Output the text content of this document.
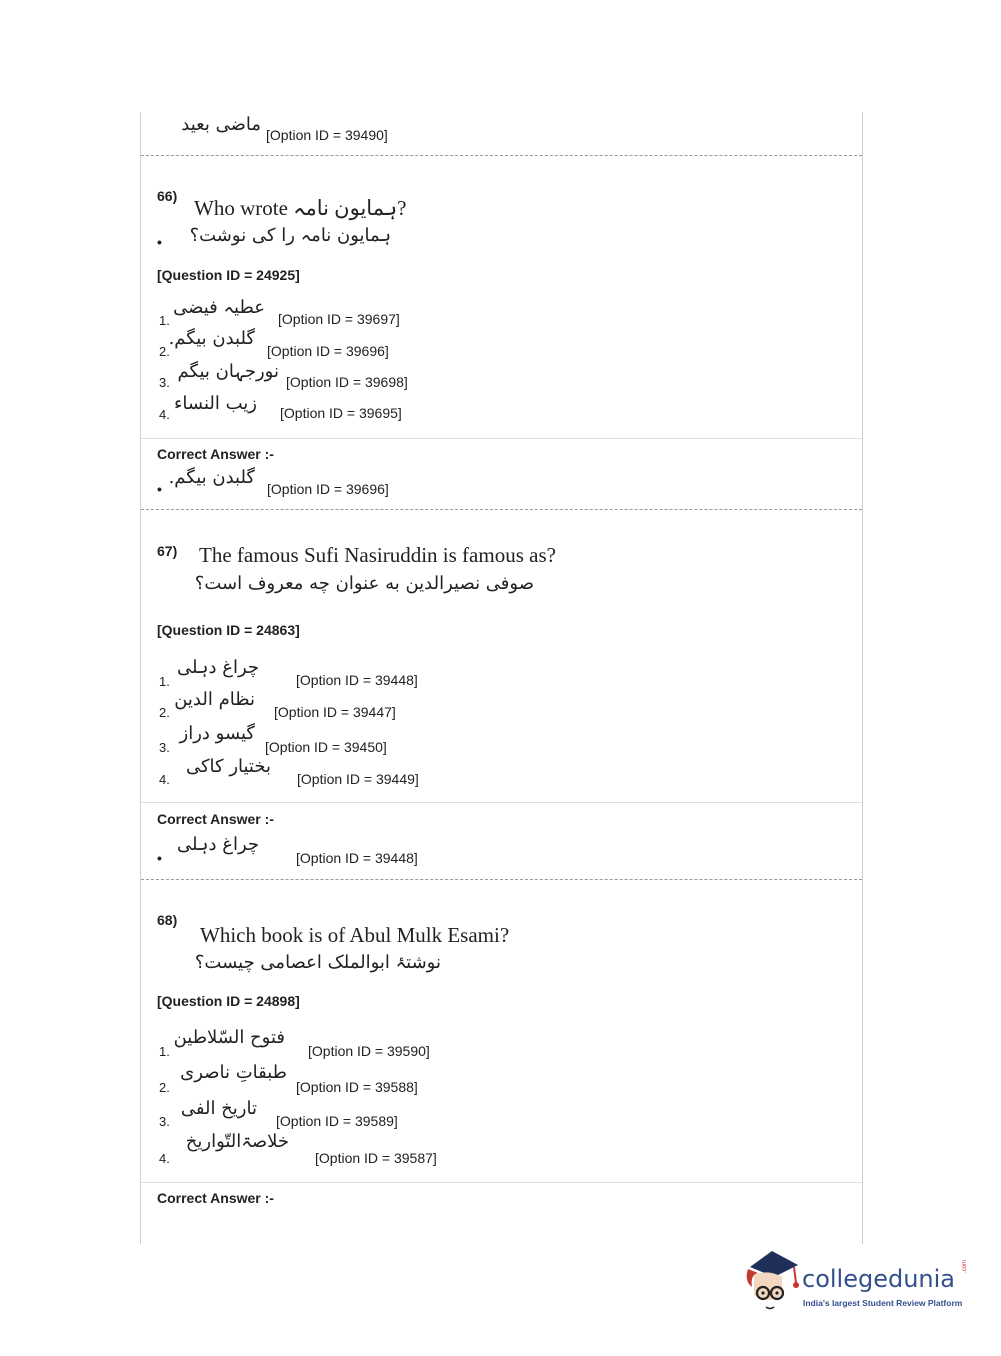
•
ماضی بعید [Option ID = 39490]
66) Who wrote ہمایون نامہ?
ہمایون نامہ را کی نوشت؟
[Question ID = 24925]
1.
عطیہ فیضی
[Option ID = 39697]
2.
گلبدن بیگم.
[Option ID = 39696]
3.
نورجہان بیگم [Option ID = 39698]
4.
زیب النساء [Option ID = 39695]
Correct Answer :-
•
گلبدن بیگم.
[Option ID = 39696]
67) The famous Sufi Nasiruddin is famous as?
صوفی نصیرالدین به عنوان چه معروف است؟
[Question ID = 24863]
1.
چراغ دہلی
[Option ID = 39448]
2.
نظام الدین
[Option ID = 39447]
3.
گیسو دراز
[Option ID = 39450]
4.
بختیار کاکی
[Option ID = 39449]
Correct Answer :-
•
چراغ دہلی
[Option ID = 39448]
68)
Which book is of Abul Mulk Esami?
نوشتۂ ابوالملک اعصامی چیست؟
[Question ID = 24898]
1.
فتوح السّلاطین
[Option ID = 39590]
2.
طبقاتِ ناصری
[Option ID = 39588]
3.
تاریخ الفی
[Option ID = 39589]
4.
خلاصۃالتّواریخ
[Option ID = 39587]
Correct Answer :-
collegedunia
India's largest Student Review Platform
.com
